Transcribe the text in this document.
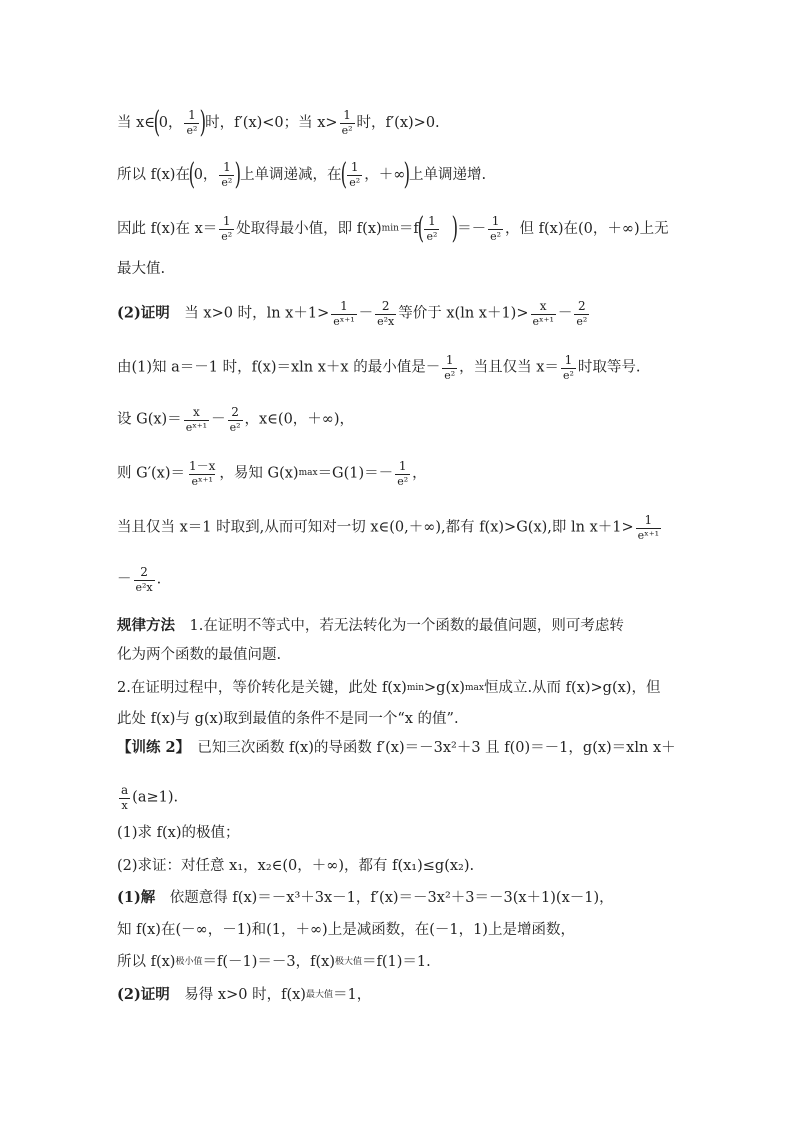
当 x∈(0， $\frac{1}{\text{e²}}$ )时，f′(x)<0；当 $x> \frac{1}{\text{e²}}$ 时，f′(x)>0.
所以 f(x)在(0， $\frac{1}{\text{e²}}$ )上单调递减，在( $\frac{1}{\text{e²}}$ ，＋∞)上单调递增.
因此 f(x)在 $x= \frac{1}{\text{e²}}$ 处取得最小值，即 $f(x)\min=f( \frac{1}{\text{e²}}$ )＝－ $\frac{1}{\text{e²}}$ ，但 f(x)在(0，＋∞)上无
最大值.
(2)证明　当 x>0 时，$\ln x+1> \frac{1}{\text{eˣ⁺¹}} - \frac{2}{\text{e²x}}$ 等价于 x(ln $x+1)> \frac{x}{\text{eˣ⁺¹}} - \frac{2}{\text{e²}}$
由(1)知 a＝－1 时，f(x)＝xln x＋x 的最小值是－ $\frac{1}{\text{e²}}$ ，当且仅当 $x= \frac{1}{\text{e²}}$ 时取等号.
设 $G(x)= \frac{x}{\text{eˣ⁺¹}} - \frac{2}{\text{e²}}$ ，x∈(0，＋∞)，
则 $G'(x)= \frac{1-x}{\text{eˣ⁺¹}}$ ，易知 $G(x)\max=G(1)=- \frac{1}{\text{e²}}$ ，
当且仅当 x＝1 时取到,从而可知对一切 x∈(0,＋∞),都有 f(x)>G(x),即 $\ln x+1> \frac{1}{\text{eˣ⁺¹}}$
－ $\frac{2}{\text{e²x}}$ .
规律方法　1.在证明不等式中，若无法转化为一个函数的最值问题，则可考虑转
化为两个函数的最值问题.
2.在证明过程中，等价转化是关键，此处 f(x)min>g(x)max恒成立.从而 f(x)>g(x)，但
此处 f(x)与 g(x)取到最值的条件不是同一个“x 的值”.
【训练 2】　已知三次函数 f(x)的导函数 f′(x)＝－3x²＋3 且 f(0)＝－1，g(x)＝xln x＋
$\frac{a}{x} (a\ge 1)$.
(1)求 f(x)的极值；
(2)求证：对任意 x₁，x₂∈(0，＋∞)，都有 f(x₁)≤g(x₂).
(1)解　依题意得 f(x)＝－x³＋3x－1，f′(x)＝－3x²＋3＝－3(x＋1)(x－1)，
知 f(x)在(－∞，－1)和(1，＋∞)上是减函数，在(－1，1)上是增函数，
所以 f(x)极小值＝f(－1)＝－3，f(x)极大值＝f(1)＝1.
(2)证明　易得 x>0 时，f(x)最大值＝1，
